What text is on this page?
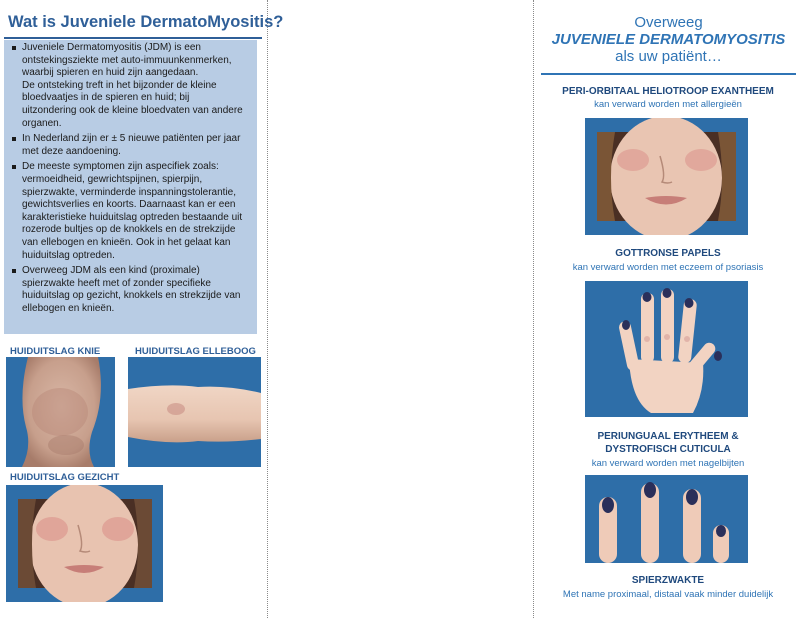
Wat is Juveniele DermatoMyositis?
Juveniele Dermatomyositis (JDM) is een
ontstekingsziekte met auto-immuunkenmerken,
waarbij spieren en huid zijn aangedaan.
De ontsteking treft in het bijzonder de kleine
bloedvaatjes in de spieren en huid; bij
uitzondering ook de kleine bloedvaten van andere
organen.
In Nederland zijn er ± 5 nieuwe patiënten per jaar
met deze aandoening.
De meeste symptomen zijn aspecifiek zoals:
vermoeidheid, gewrichtspijnen, spierpijn,
spierzwakte, verminderde inspanningstolerantie,
gewichtsverlies en koorts. Daarnaast kan er een
karakteristieke huiduitslag optreden bestaande uit
rozerode bultjes op de knokkels en de strekzijde
van ellebogen en knieën. Ook in het gelaat kan
huiduitslag optreden.
Overweeg JDM als een kind (proximale)
spierzwakte heeft met of zonder specifieke
huiduitslag op gezicht, knokkels en strekzijde van
ellebogen en knieën.
HUIDUITSLAG KNIE	HUIDUITSLAG ELLEBOOG
HUIDUITSLAG GEZICHT
Overweeg
JUVENIELE DERMATOMYOSITIS
als uw patiënt…
PERI-ORBITAAL HELIOTROOP EXANTHEEM
kan verward worden met allergieën
GOTTRONSE PAPELS
kan verward worden met eczeem of psoriasis
PERIUNGUAAL ERYTHEEM &
DYSTROFISCH CUTICULA
kan verward worden met nagelbijten
SPIERZWAKTE
Met name proximaal, distaal vaak minder duidelijk
